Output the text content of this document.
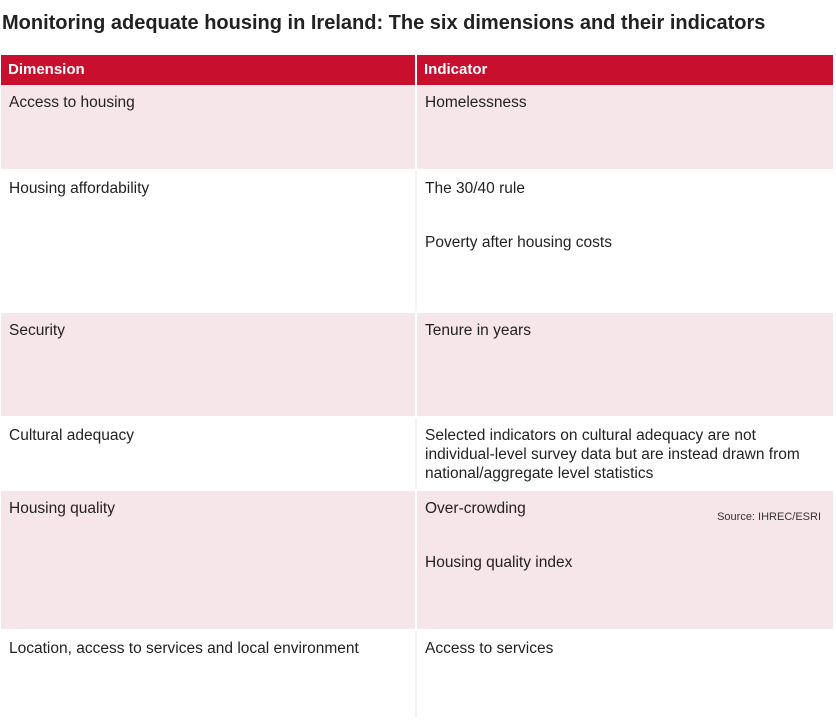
Monitoring adequate housing in Ireland: The six dimensions and their indicators
Dimension	Indicator
Access to housing	Homelessness
Housing affordability	The 30/40 rule
Poverty after housing costs
Security	Tenure in years
Cultural adequacy	Selected indicators on cultural adequacy are not individual-level survey data but are instead drawn from national/aggregate level statistics
Housing quality	Over-crowding
Housing quality index
Source: IHREC/ESRI
Location, access to services and local environment	Access to services
